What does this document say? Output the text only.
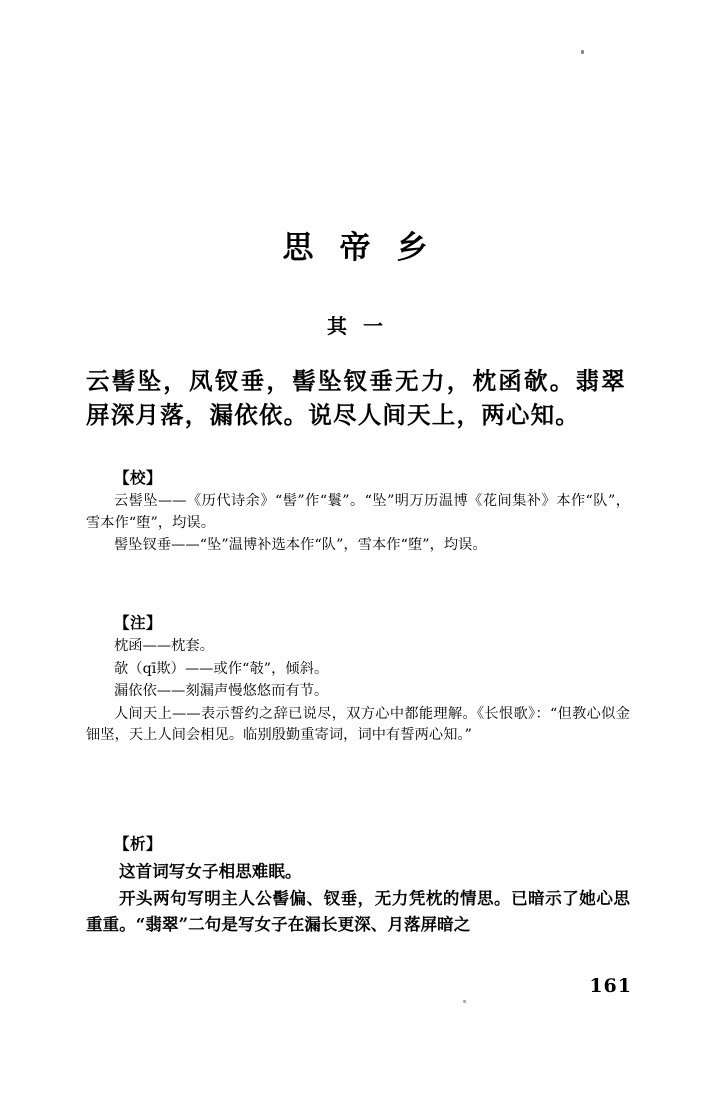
思帝乡
其一
云髻坠，凤钗垂，髻坠钗垂无力，枕函欹。翡翠屏深月落，漏依依。说尽人间天上，两心知。
【校】

云髻坠——《历代诗余》“髻”作“鬟”。“坠”明万历温博《花间集补》本作“队”，雪本作“堕”，均误。

髻坠钗垂——“坠”温博补选本作“队”，雪本作“堕”，均误。

【注】

枕函——枕套。

欹（qī欺）——或作“攲”，倾斜。

漏依依——刻漏声慢悠悠而有节。

人间天上——表示誓约之辞已说尽，双方心中都能理解。《长恨歌》：“但教心似金钿坚，天上人间会相见。临别殷勤重寄词，词中有誓两心知。”

【析】

这首词写女子相思难眠。

开头两句写明主人公髻偏、钗垂，无力凭枕的情思。已暗示了她心思重重。“翡翠”二句是写女子在漏长更深、月落屏暗之

161
